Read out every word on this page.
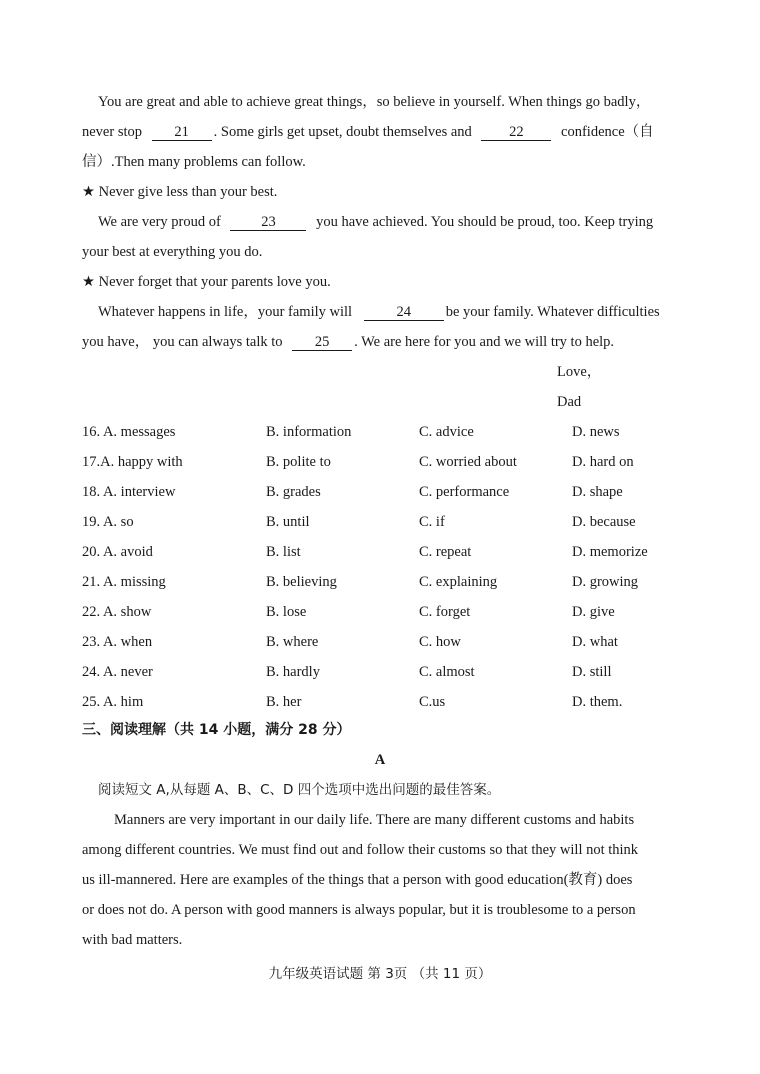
You are great and able to achieve great things，so believe in yourself. When things go badly，
never stop 21 . Some girls get upset, doubt themselves and	22	confidence（自
信）.Then many problems can follow.
★ Never give less than your best.
We are very proud of	23	you have achieved. You should be proud, too. Keep trying
your best at everything you do.
★ Never forget that your parents love you.
Whatever happens in life，your family will	24 be your family. Whatever difficulties
you have， you can always talk to 25 . We are here for you and we will try to help.
Love，
Dad
16. A. messages	B. information	C. advice	D. news
17.A. happy with	B. polite to	C. worried about	D. hard on
18. A. interview	B. grades	C. performance	D. shape
19. A. so	B. until	C. if	D. because
20. A. avoid	B. list	C. repeat	D. memorize
21. A. missing	B. believing	C. explaining	D. growing
22. A. show	B. lose	C. forget	D. give
23. A. when	B. where	C. how	D. what
24. A. never	B. hardly	C. almost	D. still
25. A. him	B. her	C.us	D. them.
三、阅读理解（共 14 小题，满分 28 分）
A
阅读短文 A,从每题 A、B、C、D 四个选项中选出问题的最佳答案。
Manners are very important in our daily life. There are many different customs and habits
among different countries. We must find out and follow their customs so that they will not think
us ill-mannered. Here are examples of the things that a person with good education(教育) does
or does not do. A person with good manners is always popular, but it is troublesome to a person
with bad matters.
九年级英语试题 第 3页 （共 11 页）
